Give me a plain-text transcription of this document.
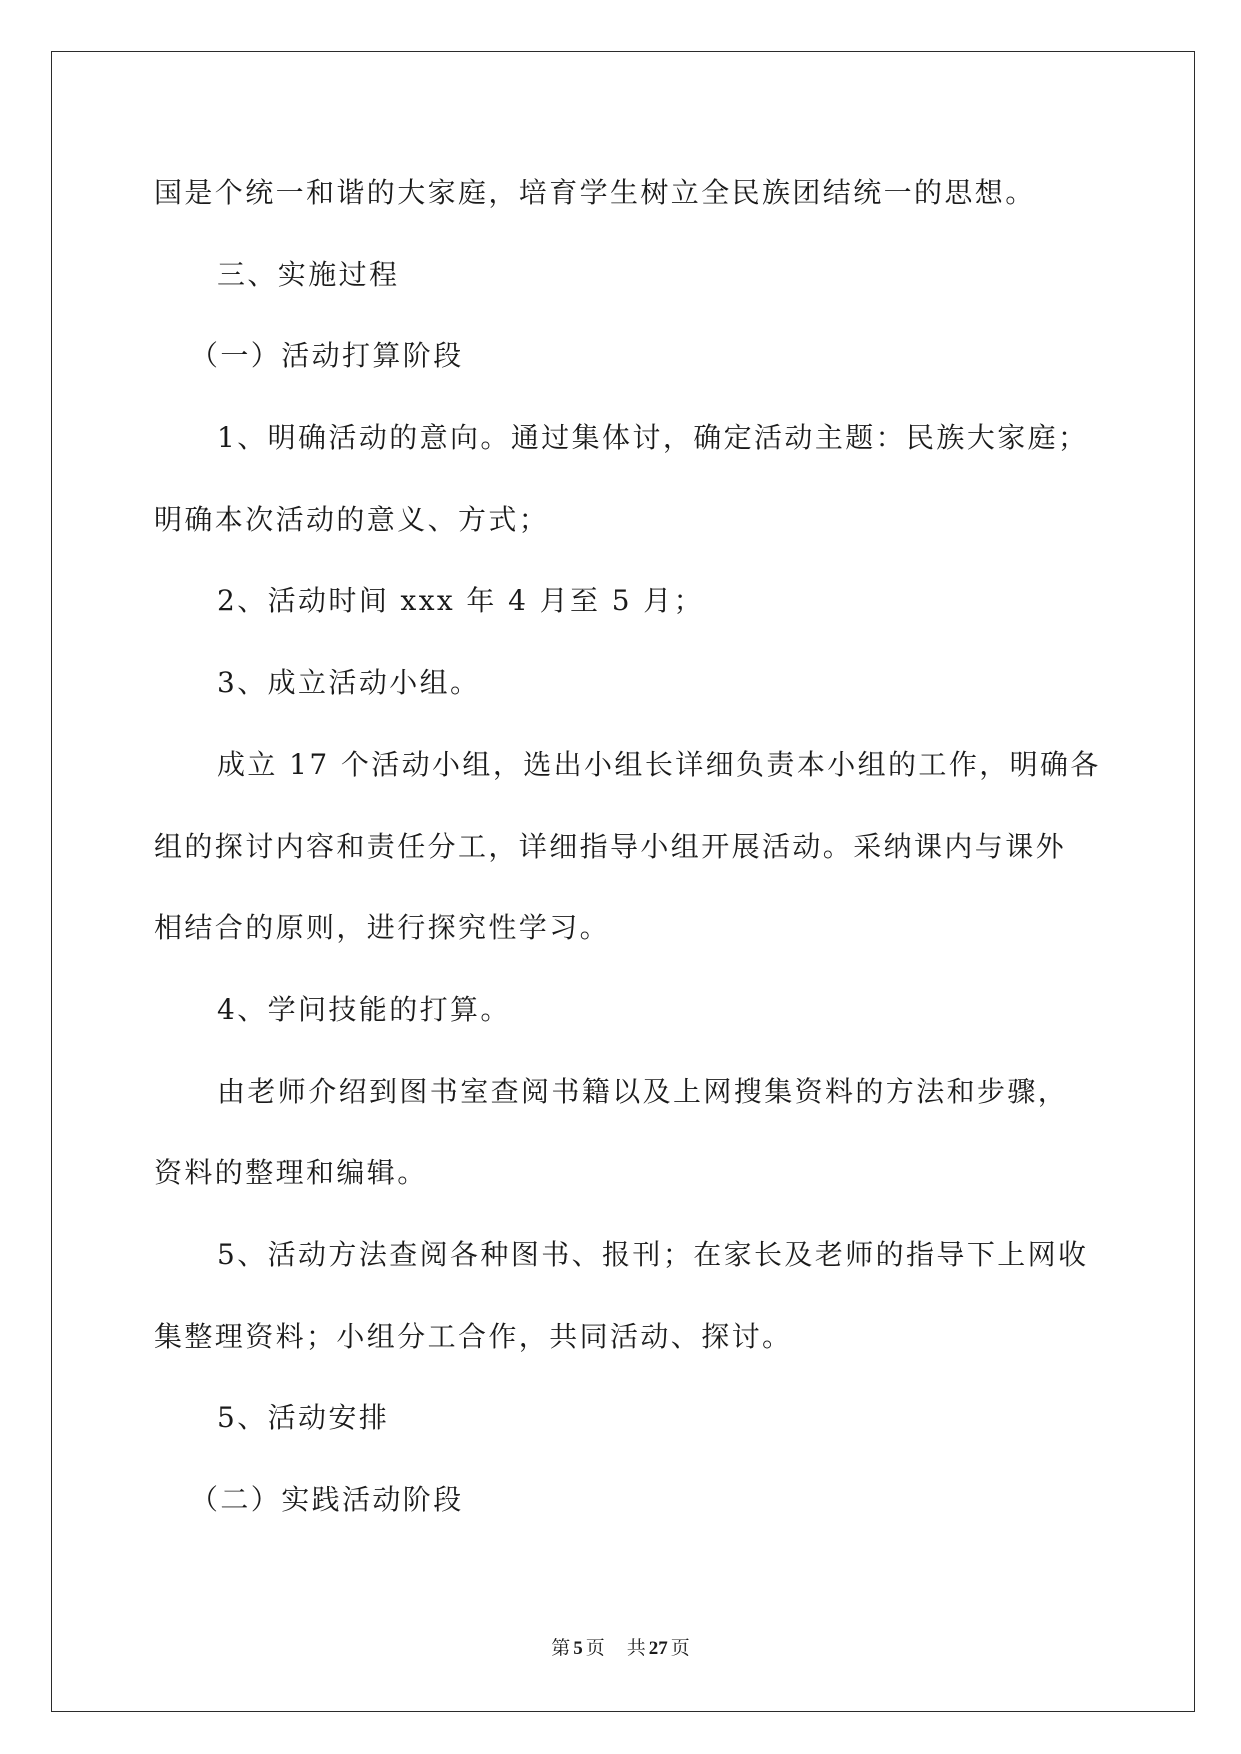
国是个统一和谐的大家庭，培育学生树立全民族团结统一的思想。
三、实施过程
（一）活动打算阶段
1、明确活动的意向。通过集体讨，确定活动主题：民族大家庭；
明确本次活动的意义、方式；
2、活动时间 xxx 年 4 月至 5 月；
3、成立活动小组。
成立 17 个活动小组，选出小组长详细负责本小组的工作，明确各
组的探讨内容和责任分工，详细指导小组开展活动。采纳课内与课外
相结合的原则，进行探究性学习。
4、学问技能的打算。
由老师介绍到图书室查阅书籍以及上网搜集资料的方法和步骤，
资料的整理和编辑。
5、活动方法查阅各种图书、报刊；在家长及老师的指导下上网收
集整理资料；小组分工合作，共同活动、探讨。
5、活动安排
（二）实践活动阶段
第 5 页 共 27 页
